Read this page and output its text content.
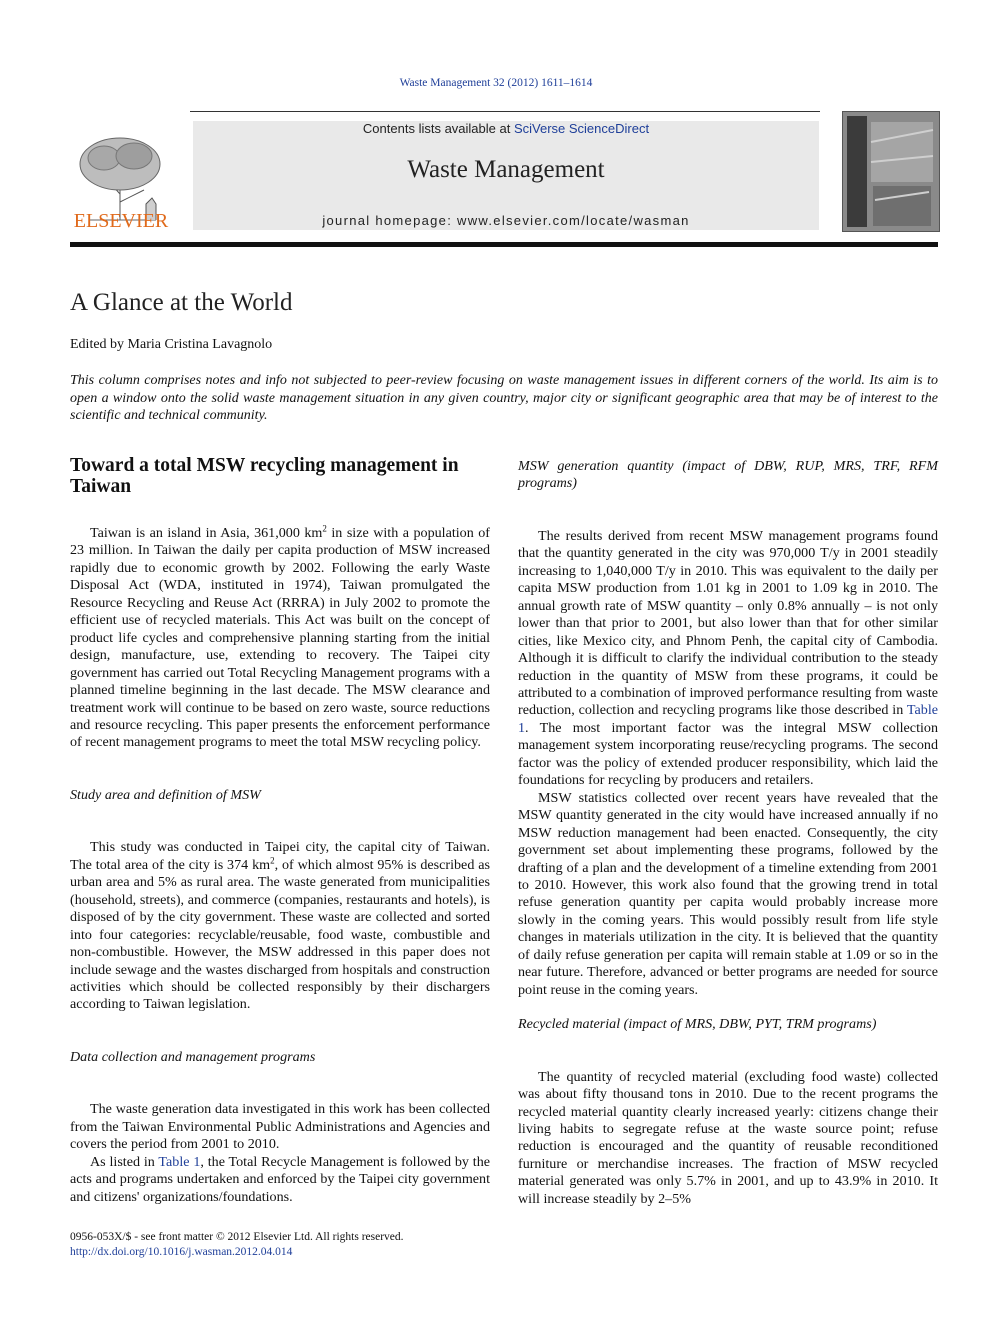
Waste Management 32 (2012) 1611–1614
ELSEVIER
Contents lists available at SciVerse ScienceDirect
Waste Management
journal homepage: www.elsevier.com/locate/wasman
A Glance at the World
Edited by Maria Cristina Lavagnolo
This column comprises notes and info not subjected to peer-review focusing on waste management issues in different corners of the world. Its aim is to open a window onto the solid waste management situation in any given country, major city or significant geographic area that may be of interest to the scientific and technical community.
Toward a total MSW recycling management in Taiwan

Taiwan is an island in Asia, 361,000 $km^2$ in size with a population of 23 million. In Taiwan the daily per capita production of MSW increased rapidly due to economic growth by 2002. Following the early Waste Disposal Act (WDA, instituted in 1974), Taiwan promulgated the Resource Recycling and Reuse Act (RRRA) in July 2002 to promote the efficient use of recycled materials. This Act was built on the concept of product life cycles and comprehensive planning starting from the initial design, manufacture, use, extending to recovery. The Taipei city government has carried out Total Recycling Management programs with a planned timeline beginning in the last decade. The MSW clearance and treatment work will continue to be based on zero waste, source reductions and resource recycling. This paper presents the enforcement performance of recent management programs to meet the total MSW recycling policy.

Study area and definition of MSW

This study was conducted in Taipei city, the capital city of Taiwan. The total area of the city is 374 $km^2$, of which almost 95% is described as urban area and 5% as rural area. The waste generated from municipalities (household, streets), and commerce (companies, restaurants and hotels), is disposed of by the city government. These waste are collected and sorted into four categories: recyclable/reusable, food waste, combustible and non-combustible. However, the MSW addressed in this paper does not include sewage and the wastes discharged from hospitals and construction activities which should be collected responsibly by their dischargers according to Taiwan legislation.

Data collection and management programs

The waste generation data investigated in this work has been collected from the Taiwan Environmental Public Administrations and Agencies and covers the period from 2001 to 2010.

As listed in Table 1, the Total Recycle Management is followed by the acts and programs undertaken and enforced by the Taipei city government and citizens' organizations/foundations.

MSW generation quantity (impact of DBW, RUP, MRS, TRF, RFM programs)

The results derived from recent MSW management programs found that the quantity generated in the city was 970,000 T/y in 2001 steadily increasing to 1,040,000 T/y in 2010. This was equivalent to the daily per capita MSW production from 1.01 kg in 2001 to 1.09 kg in 2010. The annual growth rate of MSW quantity – only 0.8% annually – is not only lower than that prior to 2001, but also lower than that for other similar cities, like Mexico city, and Phnom Penh, the capital city of Cambodia. Although it is difficult to clarify the individual contribution to the steady reduction in the quantity of MSW from these programs, it could be attributed to a combination of improved performance resulting from waste reduction, collection and recycling programs like those described in Table 1. The most important factor was the integral MSW collection management system incorporating reuse/recycling programs. The second factor was the policy of extended producer responsibility, which laid the foundations for recycling by producers and retailers.

MSW statistics collected over recent years have revealed that the MSW quantity generated in the city would have increased annually if no MSW reduction management had been enacted. Consequently, the city government set about implementing these programs, followed by the drafting of a plan and the development of a timeline extending from 2001 to 2010. However, this work also found that the growing trend in total refuse generation quantity per capita would probably increase more slowly in the coming years. This would possibly result from life style changes in materials utilization in the city. It is believed that the quantity of daily refuse generation per capita will remain stable at 1.09 or so in the near future. Therefore, advanced or better programs are needed for source point reuse in the coming years.

Recycled material (impact of MRS, DBW, PYT, TRM programs)

The quantity of recycled material (excluding food waste) collected was about fifty thousand tons in 2010. Due to the recent programs the recycled material quantity clearly increased yearly: citizens change their living habits to segregate refuse at the waste source point; refuse reduction is encouraged and the quantity of reusable reconditioned furniture or merchandise increases. The fraction of MSW recycled material generated was only 5.7% in 2001, and up to 43.9% in 2010. It will increase steadily by 2–5%

0956-053X/$ - see front matter © 2012 Elsevier Ltd. All rights reserved.
http://dx.doi.org/10.1016/j.wasman.2012.04.014
